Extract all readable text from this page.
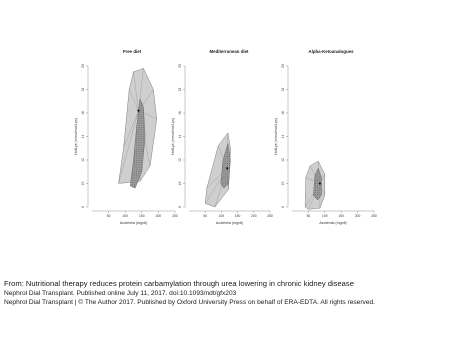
Free diet
8
10
12
14
16
18
20
50	100	150	200	250
Azotemia (mg/dl)
HcitLys (mmol/mol Lys)
Mediterranean diet
8
10
12
14
16
18
20
50	100	150	200	250
Azotemia (mg/dl)
HcitLys (mmol/mol Lys)
Alpha-Ketoanalogues
8
10
12
14
16
18
20
50	100	150	200	250
Azotemia (mg/dl)
HcitLys (mmol/mol Lys)
From: Nutritional therapy reduces protein carbamylation through urea lowering in chronic kidney disease
Nephrol Dial Transplant. Published online July 11, 2017. doi:10.1093/ndt/gfx203
Nephrol Dial Transplant | © The Author 2017. Published by Oxford University Press on behalf of ERA-EDTA. All rights reserved.
